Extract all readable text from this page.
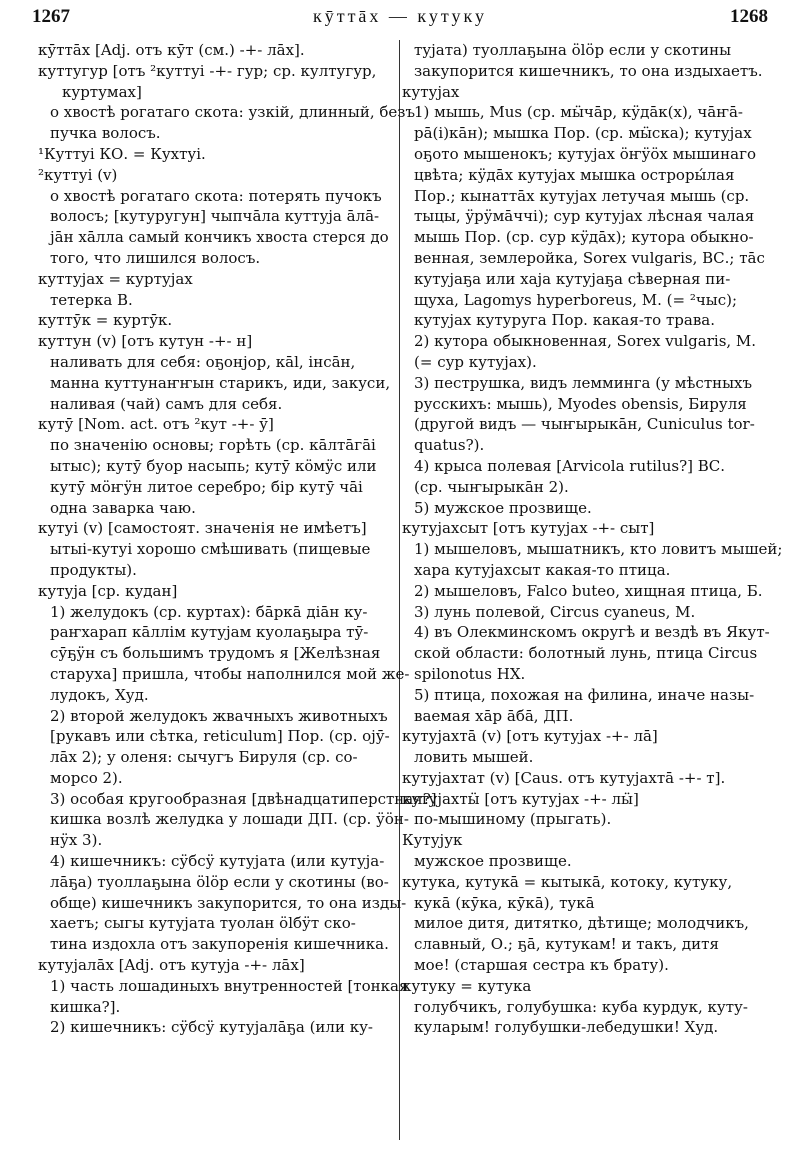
1267	кӯттāх — кутуку	1268
кӯттāх [Adj. отъ кӯт (см.) -+- лāх].
куттугур [отъ ²куттуі -+- гур; ср. култугур,
куртумах]
о хвостѣ рогатаго скота: узкій, длинный, безъ
пучка волосъ.
¹Куттуі КО. = Кухтуі.
²куттуі (v)
о хвостѣ рогатаго скота: потерять пучокъ
волосъ; [кутуругун] чыпчāла куттуја āлā-
јāн хāлла самый кончикъ хвоста стерся до
того, что лишился волосъ.
куттујах = куртујах
тетерка В.
куттӯк = куртӯк.
куттун (v) [отъ кутун -+- н]
наливать для себя: оҕонјор, кāl, інсāн,
манна куттунаҥҥын старикъ, иди, закуси,
наливая (чай) самъ для себя.
кутӯ [Nom. act. отъ ²кут -+- ӯ]
по значенію основы; горѣть (ср. кāлтāгāі
ытыс); кутӯ буор насыпь; кутӯ кӧмӱс или
кутӯ мӧҥӱн литое серебро; бір кутӯ чāі
одна заварка чаю.
кутуі (v) [самостоят. значенія не имѣетъ]
ытыі-кутуі хорошо смѣшивать (пищевые
продукты).
кутуја [ср. кудан]
1) желудокъ (ср. куртах): бāркā діāн ку-
раҥхарап кāллім кутујам куолаҕыра тӯ-
сӯҕӱн съ большимъ трудомъ я [Желѣзная
старуха] пришла, чтобы наполнился мой же-
лудокъ, Худ.
2) второй желудокъ жвачныхъ животныхъ
[рукавъ или сѣтка, reticulum] Пор. (ср. ојӯ-
лāх 2); у оленя: сычугъ Бируля (ср. со-
морсо 2).
3) особая кругообразная [двѣнадцатиперстная?]
кишка возлѣ желудка у лошади ДП. (ср. ӱӧн-
нӱх 3).
4) кишечникъ: сӱбсӱ кутујата (или кутуја-
лāҕа) туоллаҕына ӧlӧр если у скотины (во-
обще) кишечникъ закупорится, то она изды-
хаетъ; сыгы кутујата туолан ӧlбӱт ско-
тина издохла отъ закупоренія кишечника.
кутујалāх [Adj. отъ кутуја -+- лāх]
1) часть лошадиныхъ внутренностей [тонкая
кишка?].
2) кишечникъ: сӱбсӱ кутујалāҕа (или ку-
тујата) туоллаҕына ӧlӧр если у скотины
закупорится кишечникъ, то она издыхаетъ.
кутујах
1) мышь, Mus (ср. мӹчāр, кӱдāк(х), чāҥā-
рā(і)кāн); мышка Пор. (ср. мӹска); кутујах
оҕото мышенокъ; кутујах ӧҥӱӧх мышинаго
цвѣта; кӱдāх кутујах мышка остроры́лая
Пор.; кынаттāх кутујах летучая мышь (ср.
тыцы, ӱрӱмāччі); сур кутујах лѣсная чалая
мышь Пор. (ср. сур кӱдāх); кутора обыкно-
венная, землеройка, Sorex vulgaris, ВС.; тāс
кутујаҕа или хаја кутујаҕа сѣверная пи-
щуха, Lagomys hyperboreus, М. (= ²чыс);
кутујах кутуруга Пор. какая-то трава.
2) кутора обыкновенная, Sorex vulgaris, М.
(= сур кутујах).
3) пеструшка, видъ лемминга (у мѣстныхъ
русскихъ: мышь), Myodes obensis, Бируля
(другой видъ — чыҥырыкāн, Cuniculus tor-
quatus?).
4) крыса полевая [Arvicola rutilus?] ВС.
(ср. чыҥырыкāн 2).
5) мужское прозвище.
кутујахсыт [отъ кутујах -+- сыт]
1) мышеловъ, мышатникъ, кто ловитъ мышей;
хара кутујахсыт какая-то птица.
2) мышеловъ, Falco buteo, хищная птица, Б.
3) лунь полевой, Circus cyaneus, М.
4) въ Олекминскомъ округѣ и вездѣ въ Якут-
ской области: болотный лунь, птица Circus
spilonotus НХ.
5) птица, похожая на филина, иначе назы-
ваемая хāр āбā, ДП.
кутујахтā (v) [отъ кутујах -+- лā]
ловить мышей.
кутујахтат (v) [Caus. отъ кутујахтā -+- т].
кутујахтӹ [отъ кутујах -+- лӹ]
по-мышиному (прыгать).
Кутујук
мужское прозвище.
кутука, кутукā = кытыкā, котоку, кутуку,
кукā (кӯка, кӯкā), тукā
милое дитя, дитятко, дѣтище; молодчикъ,
славный, О.; ҕā, кутукам! и такъ, дитя
мое! (старшая сестра къ брату).
кутуку = кутука
голубчикъ, голубушка: куба курдук, куту-
куларым! голубушки-лебедушки! Худ.
